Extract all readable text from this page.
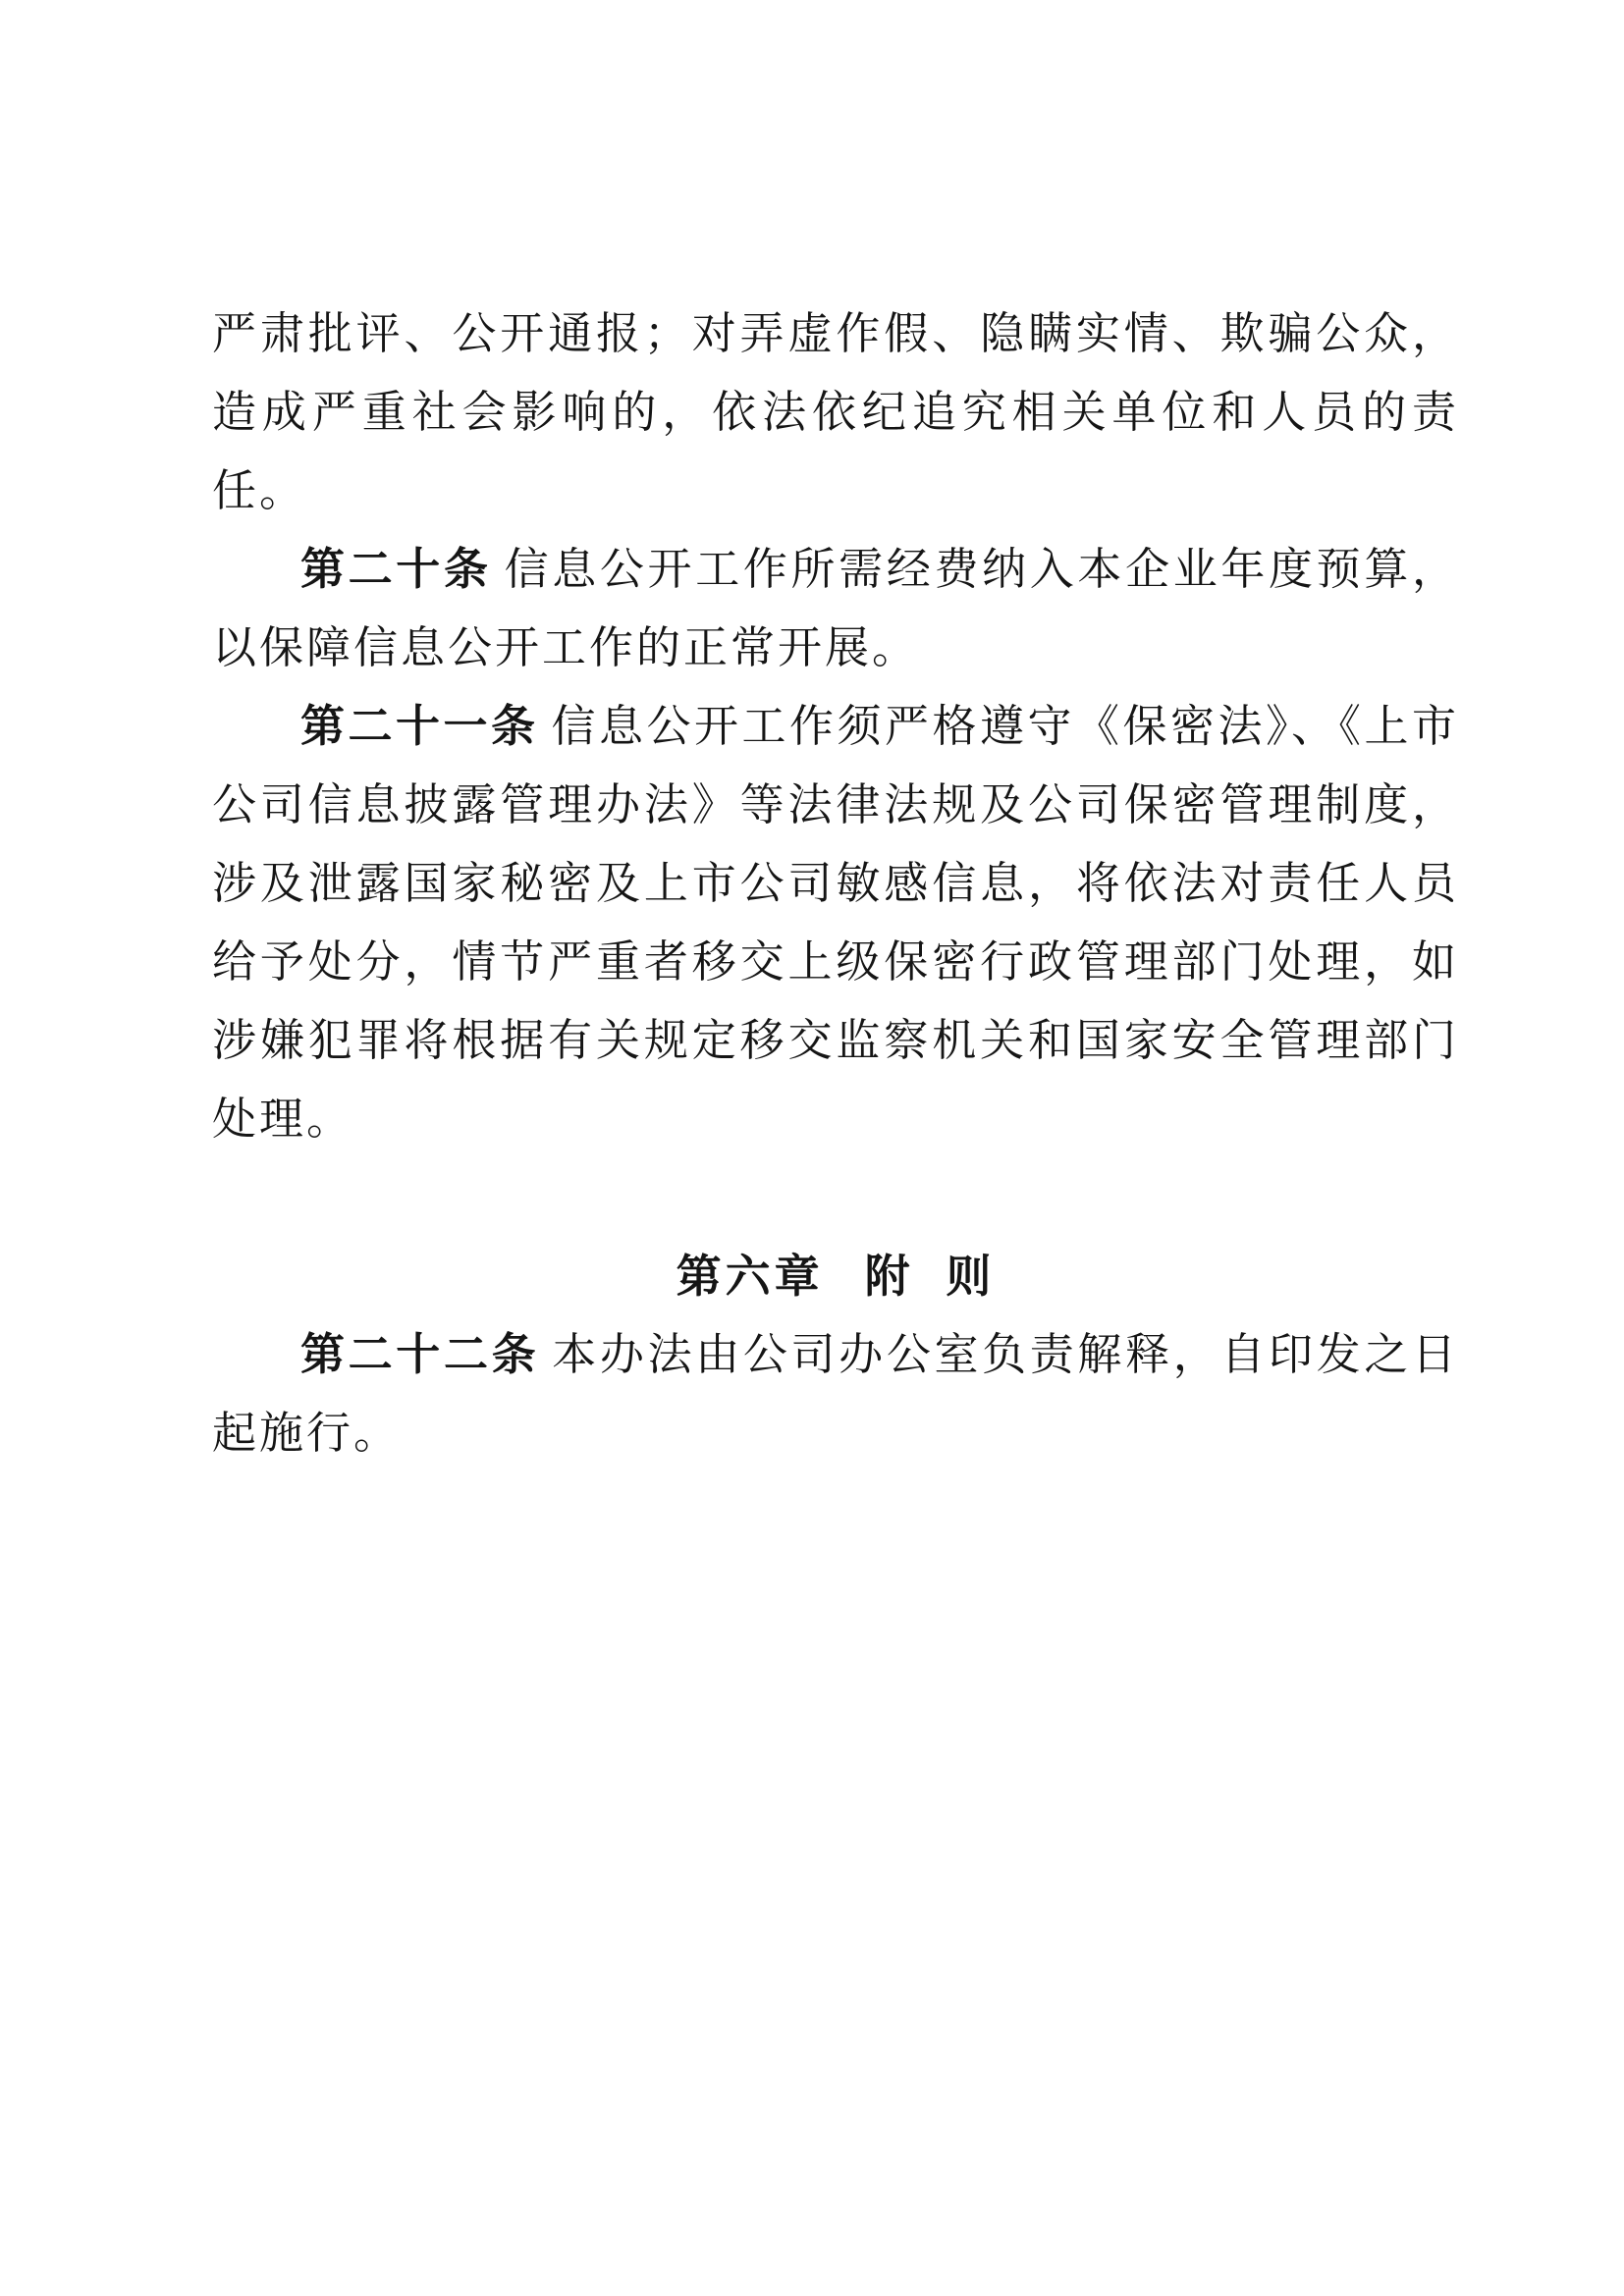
严肃批评、公开通报；对弄虚作假、隐瞒实情、欺骗公众，造成严重社会影响的，依法依纪追究相关单位和人员的责任。

第二十条 信息公开工作所需经费纳入本企业年度预算，以保障信息公开工作的正常开展。

第二十一条 信息公开工作须严格遵守《保密法》、《上市公司信息披露管理办法》等法律法规及公司保密管理制度，涉及泄露国家秘密及上市公司敏感信息，将依法对责任人员给予处分，情节严重者移交上级保密行政管理部门处理，如涉嫌犯罪将根据有关规定移交监察机关和国家安全管理部门处理。

第六章 附 则

第二十二条 本办法由公司办公室负责解释，自印发之日起施行。
